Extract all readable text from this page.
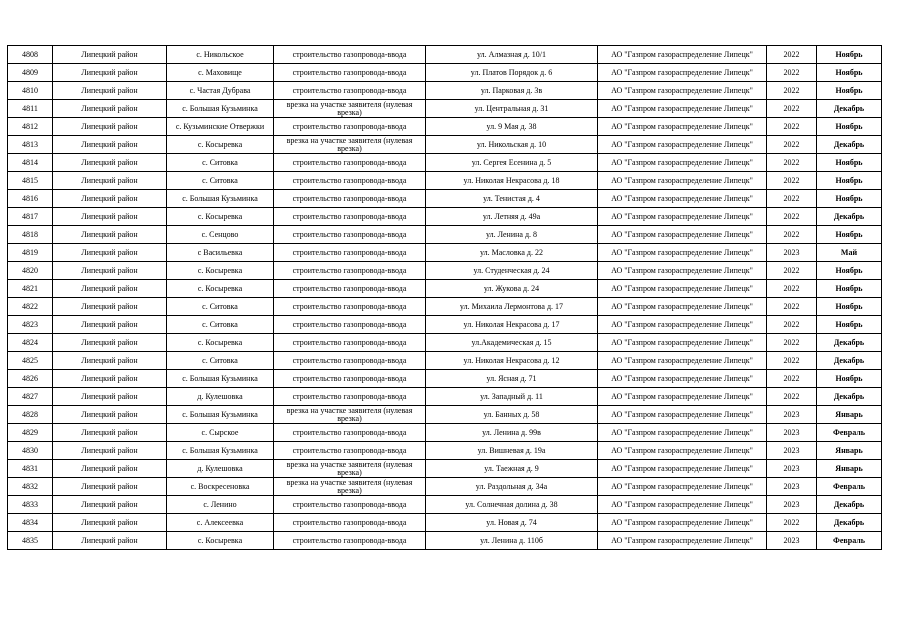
4808	Липецкий район	с. Никольское	строительство газопровода-ввода	ул. Алмазная д. 10/1	АО "Газпром газораспределение Липецк"	2022	Ноябрь
4809	Липецкий район	с. Маховище	строительство газопровода-ввода	ул. Платов Порядок д. 6	АО "Газпром газораспределение Липецк"	2022	Ноябрь
4810	Липецкий район	с. Частая Дубрава	строительство газопровода-ввода	ул. Парковая д. 3в	АО "Газпром газораспределение Липецк"	2022	Ноябрь
4811	Липецкий район	с. Большая Кузьминка	врезка на участке заявителя (нулевая врезка)	ул. Центральная д. 31	АО "Газпром газораспределение Липецк"	2022	Декабрь
4812	Липецкий район	с. Кузьминские Отвержки	строительство газопровода-ввода	ул. 9 Мая д. 38	АО "Газпром газораспределение Липецк"	2022	Ноябрь
4813	Липецкий район	с. Косыревка	врезка на участке заявителя (нулевая врезка)	ул. Никольская д. 10	АО "Газпром газораспределение Липецк"	2022	Декабрь
4814	Липецкий район	с. Ситовка	строительство газопровода-ввода	ул. Сергея Есенина д. 5	АО "Газпром газораспределение Липецк"	2022	Ноябрь
4815	Липецкий район	с. Ситовка	строительство газопровода-ввода	ул. Николая Некрасова д. 18	АО "Газпром газораспределение Липецк"	2022	Ноябрь
4816	Липецкий район	с. Большая Кузьминка	строительство газопровода-ввода	ул. Тенистая д. 4	АО "Газпром газораспределение Липецк"	2022	Ноябрь
4817	Липецкий район	с. Косыревка	строительство газопровода-ввода	ул. Летняя д. 49а	АО "Газпром газораспределение Липецк"	2022	Декабрь
4818	Липецкий район	с. Сенцово	строительство газопровода-ввода	ул. Ленина д. 8	АО "Газпром газораспределение Липецк"	2022	Ноябрь
4819	Липецкий район	с Васильевка	строительство газопровода-ввода	ул. Масловка д. 22	АО "Газпром газораспределение Липецк"	2023	Май
4820	Липецкий район	с. Косыревка	строительство газопровода-ввода	ул. Студенческая д. 24	АО "Газпром газораспределение Липецк"	2022	Ноябрь
4821	Липецкий район	с. Косыревка	строительство газопровода-ввода	ул. Жукова д. 24	АО "Газпром газораспределение Липецк"	2022	Ноябрь
4822	Липецкий район	с. Ситовка	строительство газопровода-ввода	ул. Михаила Лермонтова д. 17	АО "Газпром газораспределение Липецк"	2022	Ноябрь
4823	Липецкий район	с. Ситовка	строительство газопровода-ввода	ул. Николая Некрасова д. 17	АО "Газпром газораспределение Липецк"	2022	Ноябрь
4824	Липецкий район	с. Косыревка	строительство газопровода-ввода	ул.Академическая д. 15	АО "Газпром газораспределение Липецк"	2022	Декабрь
4825	Липецкий район	с. Ситовка	строительство газопровода-ввода	ул. Николая Некрасова д. 12	АО "Газпром газораспределение Липецк"	2022	Декабрь
4826	Липецкий район	с. Большая Кузьминка	строительство газопровода-ввода	ул. Ясная д. 71	АО "Газпром газораспределение Липецк"	2022	Ноябрь
4827	Липецкий район	д. Кулешовка	строительство газопровода-ввода	ул. Западный д. 11	АО "Газпром газораспределение Липецк"	2022	Декабрь
4828	Липецкий район	с. Большая Кузьминка	врезка на участке заявителя (нулевая врезка)	ул. Банных д. 58	АО "Газпром газораспределение Липецк"	2023	Январь
4829	Липецкий район	с. Сырское	строительство газопровода-ввода	ул. Ленина д. 99в	АО "Газпром газораспределение Липецк"	2023	Февраль
4830	Липецкий район	с. Большая Кузьминка	строительство газопровода-ввода	ул. Вишневая д. 19а	АО "Газпром газораспределение Липецк"	2023	Январь
4831	Липецкий район	д. Кулешовка	врезка на участке заявителя (нулевая врезка)	ул. Таежная д. 9	АО "Газпром газораспределение Липецк"	2023	Январь
4832	Липецкий район	с. Воскресеновка	врезка на участке заявителя (нулевая врезка)	ул. Раздольная д. 34а	АО "Газпром газораспределение Липецк"	2023	Февраль
4833	Липецкий район	с. Ленино	строительство газопровода-ввода	ул. Солнечная долина д. 38	АО "Газпром газораспределение Липецк"	2023	Декабрь
4834	Липецкий район	с. Алексеевка	строительство газопровода-ввода	ул. Новая д. 74	АО "Газпром газораспределение Липецк"	2022	Декабрь
4835	Липецкий район	с. Косыревка	строительство газопровода-ввода	ул. Ленина д. 110б	АО "Газпром газораспределение Липецк"	2023	Февраль
